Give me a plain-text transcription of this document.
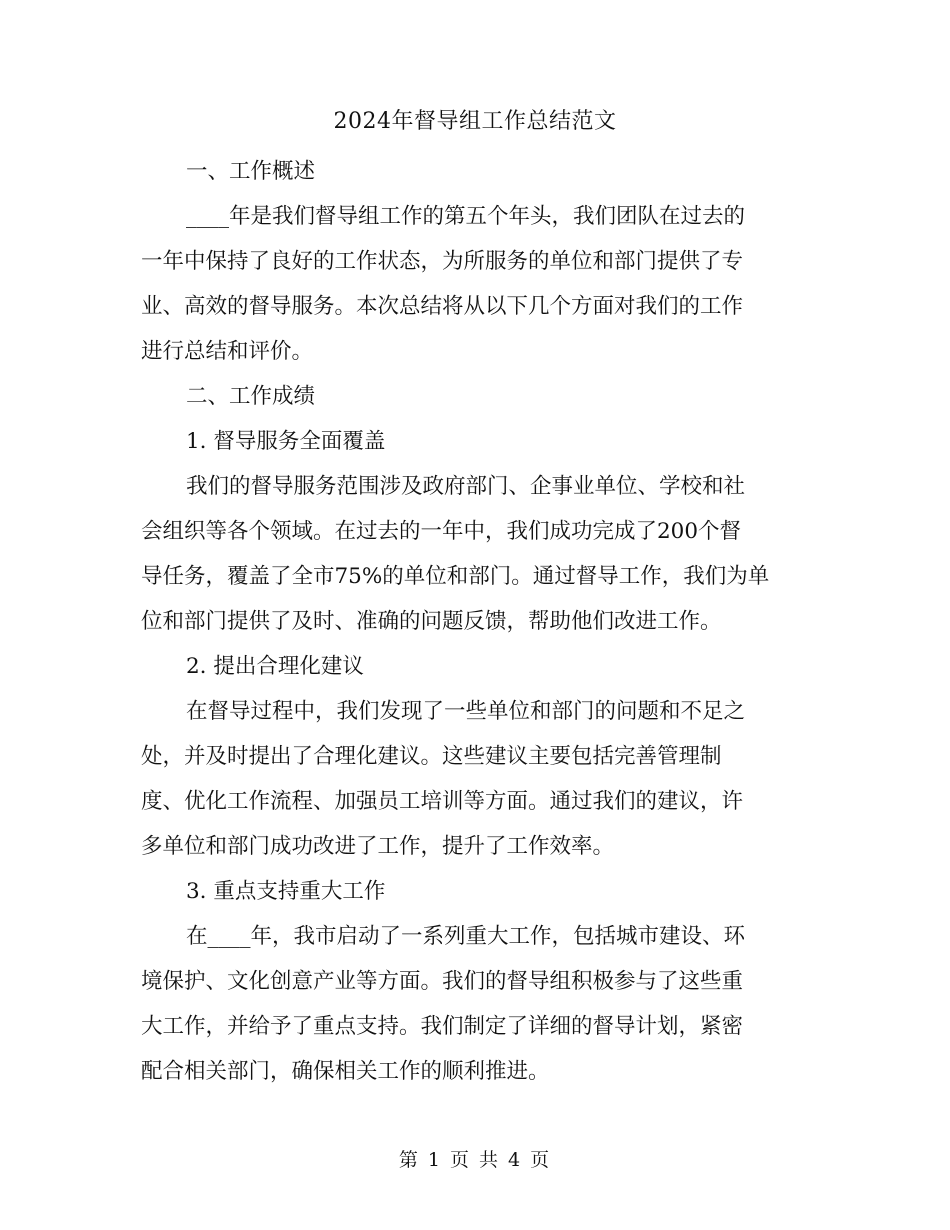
2024年督导组工作总结范文
一、工作概述
____年是我们督导组工作的第五个年头，我们团队在过去的
一年中保持了良好的工作状态，为所服务的单位和部门提供了专
业、高效的督导服务。本次总结将从以下几个方面对我们的工作
进行总结和评价。
二、工作成绩
1. 督导服务全面覆盖
我们的督导服务范围涉及政府部门、企事业单位、学校和社
会组织等各个领域。在过去的一年中，我们成功完成了200个督
导任务，覆盖了全市75%的单位和部门。通过督导工作，我们为单
位和部门提供了及时、准确的问题反馈，帮助他们改进工作。
2. 提出合理化建议
在督导过程中，我们发现了一些单位和部门的问题和不足之
处，并及时提出了合理化建议。这些建议主要包括完善管理制
度、优化工作流程、加强员工培训等方面。通过我们的建议，许
多单位和部门成功改进了工作，提升了工作效率。
3. 重点支持重大工作
在____年，我市启动了一系列重大工作，包括城市建设、环
境保护、文化创意产业等方面。我们的督导组积极参与了这些重
大工作，并给予了重点支持。我们制定了详细的督导计划，紧密
配合相关部门，确保相关工作的顺利推进。
第 1 页 共 4 页
